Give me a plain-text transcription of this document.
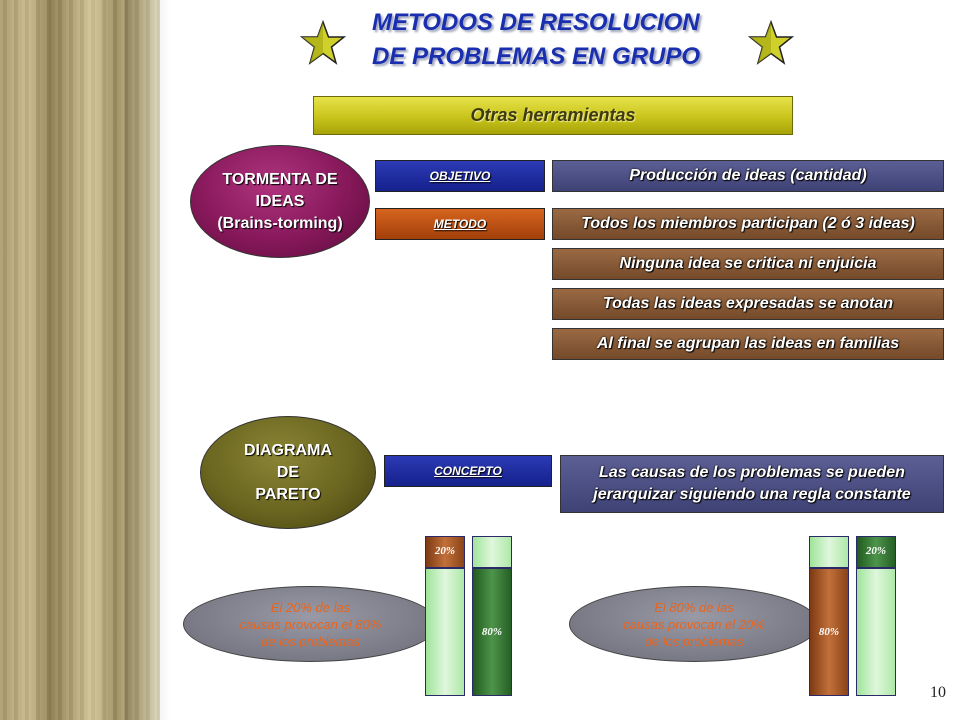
METODOS DE RESOLUCION
DE PROBLEMAS EN GRUPO
Otras herramientas
TORMENTA DE
IDEAS
(Brains-torming)
OBJETIVO	Producción de ideas (cantidad)
METODO	Todos los miembros participan (2 ó 3 ideas)
Ninguna idea se critica ni enjuicia
Todas las ideas expresadas se anotan
Al final se agrupan las ideas en familias
DIAGRAMA
DE
PARETO
CONCEPTO	Las causas de los problemas se pueden
jerarquizar siguiendo una regla constante
El 20% de las
causas provocan el 80%
de los problemas
20%
80%
El 80% de las
causas provocan el 20%
de los problemas
80%
20%
10
